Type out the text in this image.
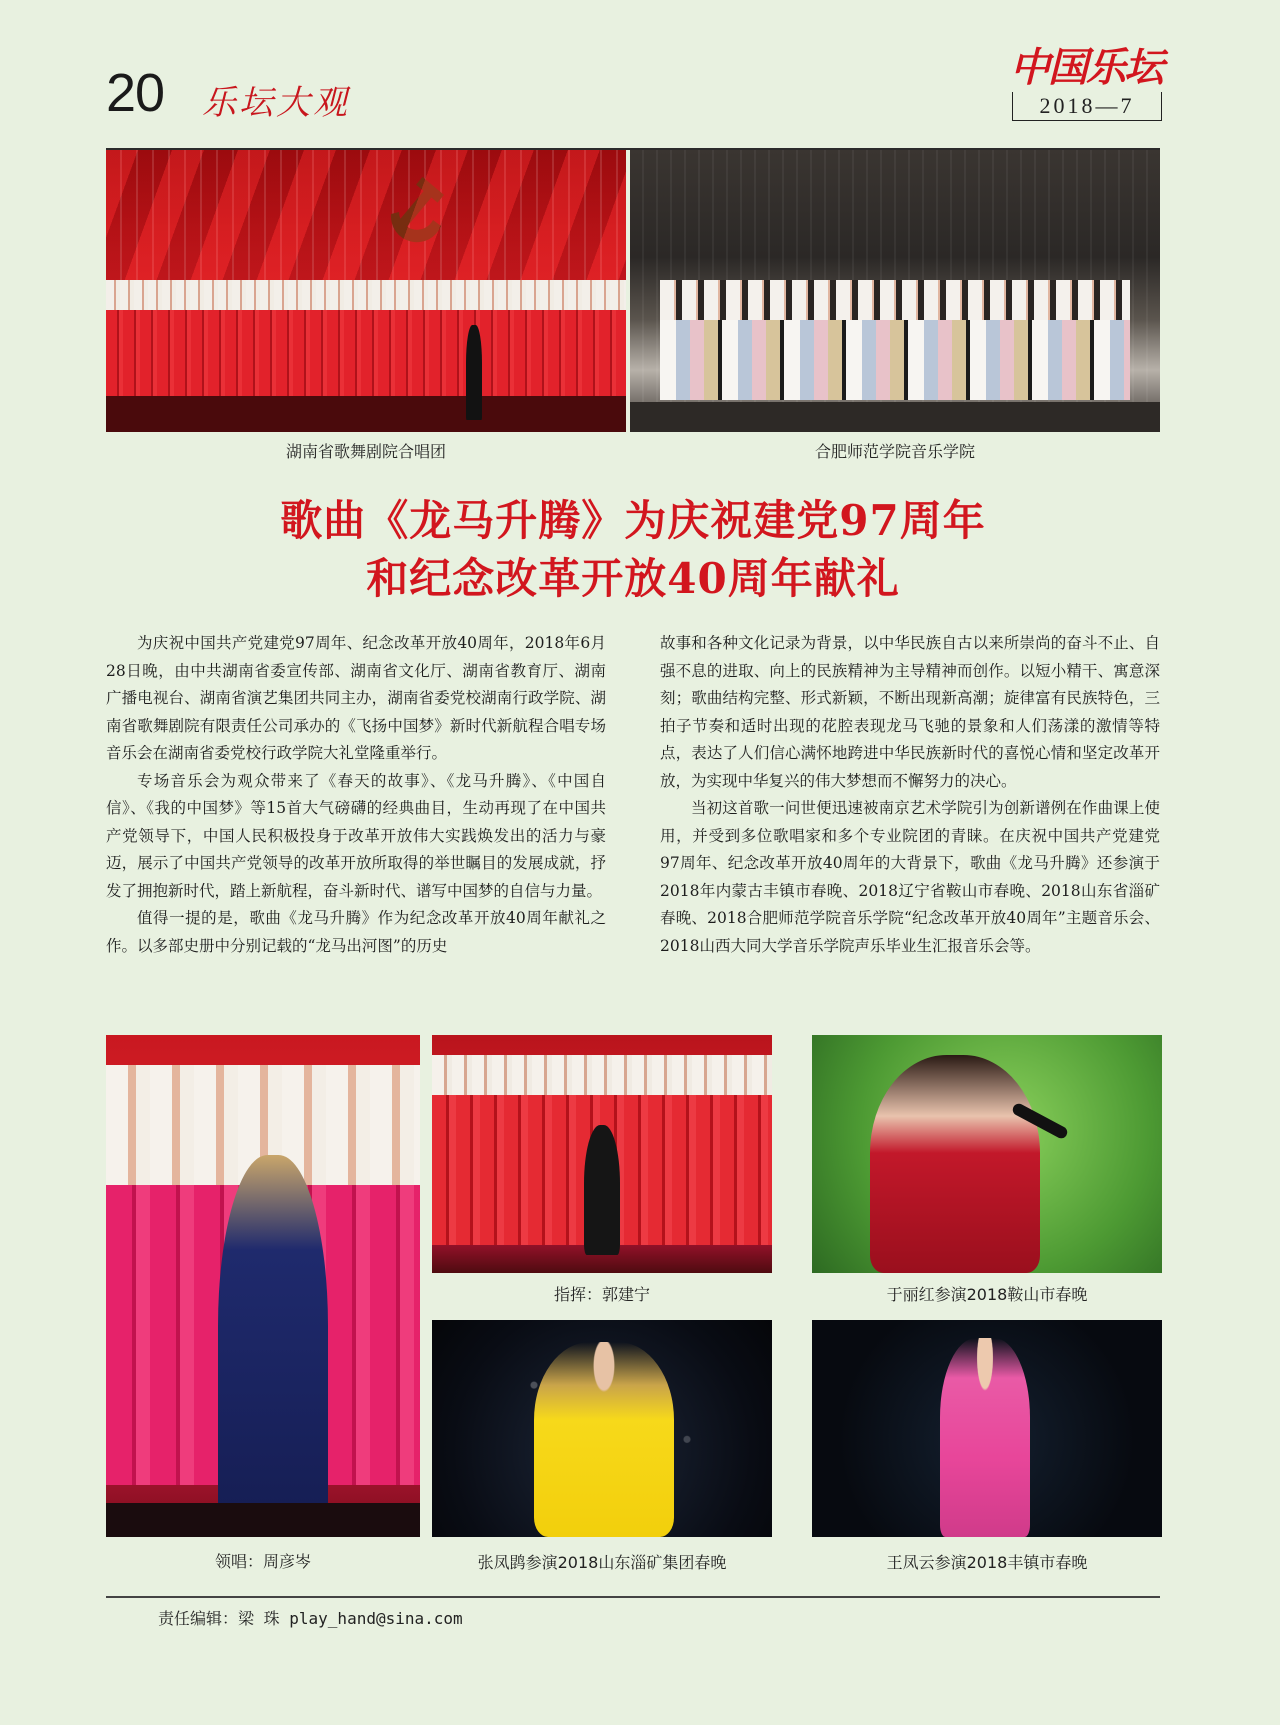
20 乐坛大观
中国乐坛
2018—7
湖南省歌舞剧院合唱团	合肥师范学院音乐学院
歌曲《龙马升腾》为庆祝建党97周年
和纪念改革开放40周年献礼

为庆祝中国共产党建党97周年、纪念改革开放40周年，2018年6月28日晚，由中共湖南省委宣传部、湖南省文化厅、湖南省教育厅、湖南广播电视台、湖南省演艺集团共同主办，湖南省委党校湖南行政学院、湖南省歌舞剧院有限责任公司承办的《飞扬中国梦》新时代新航程合唱专场音乐会在湖南省委党校行政学院大礼堂隆重举行。

专场音乐会为观众带来了《春天的故事》、《龙马升腾》、《中国自信》、《我的中国梦》等15首大气磅礴的经典曲目，生动再现了在中国共产党领导下，中国人民积极投身于改革开放伟大实践焕发出的活力与豪迈，展示了中国共产党领导的改革开放所取得的举世瞩目的发展成就，抒发了拥抱新时代，踏上新航程，奋斗新时代、谱写中国梦的自信与力量。

值得一提的是，歌曲《龙马升腾》作为纪念改革开放40周年献礼之作。以多部史册中分别记载的“龙马出河图”的历史

故事和各种文化记录为背景，以中华民族自古以来所崇尚的奋斗不止、自强不息的进取、向上的民族精神为主导精神而创作。以短小精干、寓意深刻；歌曲结构完整、形式新颖，不断出现新高潮；旋律富有民族特色，三拍子节奏和适时出现的花腔表现龙马飞驰的景象和人们荡漾的激情等特点，表达了人们信心满怀地跨进中华民族新时代的喜悦心情和坚定改革开放，为实现中华复兴的伟大梦想而不懈努力的决心。

当初这首歌一问世便迅速被南京艺术学院引为创新谱例在作曲课上使用，并受到多位歌唱家和多个专业院团的青睐。在庆祝中国共产党建党97周年、纪念改革开放40周年的大背景下，歌曲《龙马升腾》还参演于2018年内蒙古丰镇市春晚、2018辽宁省鞍山市春晚、2018山东省淄矿春晚、2018合肥师范学院音乐学院“纪念改革开放40周年”主题音乐会、2018山西大同大学音乐学院声乐毕业生汇报音乐会等。

领唱：周彦岑
指挥：郭建宁	于丽红参演2018鞍山市春晚
张凤鹍参演2018山东淄矿集团春晚	王凤云参演2018丰镇市春晚
责任编辑：梁 珠 play_hand@sina.com
